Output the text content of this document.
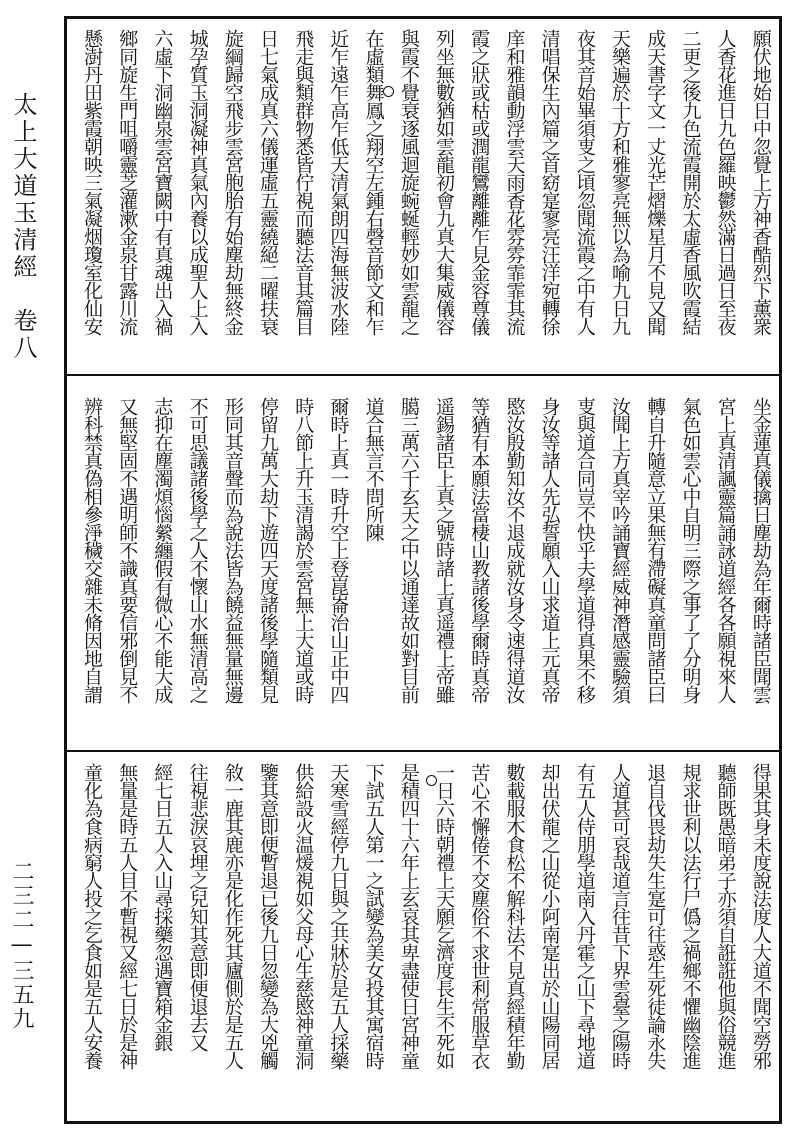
太上大道玉清經　卷八
二三二—三五九
願伏地始日中忽覺上方神香酷烈下薰衆
人香花進日九色羅映鬱然滿日過日至夜
二更之後九色流霞開於太虛香風吹霞結
成天書字文一丈光芒熠爍星月不見又聞
天樂遍於十方和雅寥亮無以為喻九日九
夜其音始畢須叓之頃忽聞流霞之中有人
清唱保生內篇之首窈寔寥亮汪洋宛轉徐
庠和雅韻動浮雲天雨香花雰雰霏霏其流
霞之狀或枯或潤龍鸞離離乍見金容尊儀
列坐無數猶如雲龍初會九真大集威儀容
與霞不覺衰逐風迴旋蜿蜒輕妙如雲龍之
在虛類舞鳳之翔空左鍾右磬音節文和乍
近乍遠乍高乍低天清氣朗四海無波水陸
飛走與類群物悉皆佇視而聽法音其篇目
日七氣成真六儀運虛五靈繞絕二曜扶衰
旋綱歸空飛步雲宮胞胎有始塵劫無終金
城孕質玉洞凝神真氣內養以成聖人上入
六虛下洞幽泉雲宮寶闕中有真魂出入禍
鄉同旋生門咀嚼靈芝灌漱金泉甘露川流
懸澍丹田紫霞朝映三氣凝烟瓊室化仙安
坐金蓮真儀擒日塵劫為年爾時諸臣聞雲
宮上真清諷靈篇誦詠道經各各願視來人
氣色如雲心中自明三際之事了了分明身
轉自升隨意立果無有滯礙真童問諸臣曰
汝聞上方真宰吟誦寶經威神潛感靈驗須
叓與道合同豈不快乎夫學道得真果不移
身汝等諸人先弘誓願入山求道上元真帝
愍汝殷勤知汝不退成就汝身令速得道汝
等猶有本願法當棲山教諸後學爾時真帝
遥錫諸臣上真之號時諸上真遥禮上帝雖
臈三萬六千玄天之中以通達故如對目前
道合無言不問所陳
爾時上真一時升空上登崑崙治山正中四
時八節上升玉清謁於雲宮無上大道或時
停留九萬大劫下遊四天度諸後學隨類見
形同其音聲而為說法皆為饒益無量無邊
不可思議諸後學之人不懷山水無清高之
志抑在塵濁煩惱縈纏假有微心不能大成
又無堅固不遇明師不識真要信邪倒見不
辨科禁真偽相參淨穢交雜未脩因地自謂
得果其身未度說法度人大道不聞空勞邪
聽師既愚暗弟子亦須自誑誑他與俗競進
規求世利以法行尸僞之禍鄉不懼幽陰進
退自伐畏劫失生寔可往惑生死徒論永失
人道甚可哀哉道言往昔下界雲臺之陽時
有五人侍朋學道南入丹霍之山下尋地道
却出伏龍之山從小阿南寔出於山陽同居
數載服木食松不解科法不見真經積年勤
苦心不懈倦不交塵俗不求世利常服草衣
一日六時朝禮上天願乞濟度長生不死如
是積四十六年上玄哀其卑盡使日宮神童
下試五人第一之試變為美女投其寓宿時
天寒雪經停九日與之共牀於是五人採藥
供給設火温煖視如父母心生慈愍神童洞
鑒其意即便暫退已後九日忽變為大兇觸
敘一鹿其鹿亦是化作死其廬側於是五人
往視悲淚哀埋之兒知其意即便退去又
經七日五人入山尋採藥忽遇寶箱金銀
無量是時五人目不暫視又經七日於是神
童化為食病窮人投之乞食如是五人安養
